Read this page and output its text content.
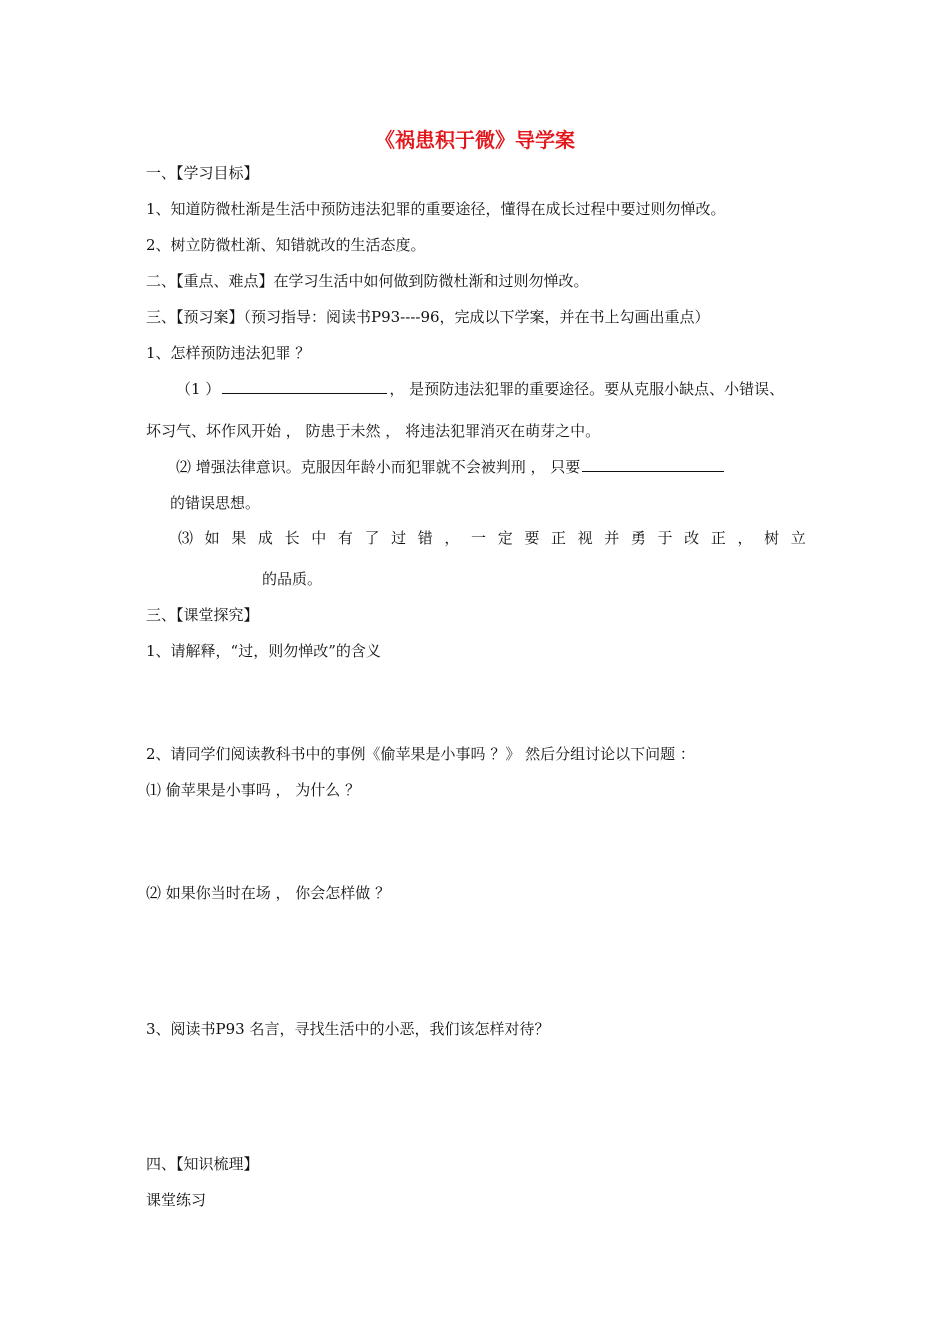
《祸患积于微》导学案
一、【学习目标】
1、知道防微杜渐是生活中预防违法犯罪的重要途径，懂得在成长过程中要过则勿惮改。
2、树立防微杜渐、知错就改的生活态度。
二、【重点、难点】在学习生活中如何做到防微杜渐和过则勿惮改。
三、【预习案】（预习指导：阅读书P93----96，完成以下学案，并在书上勾画出重点）
1、怎样预防违法犯罪 ？
（1 ）	， 是预防违法犯罪的重要途径。要从克服小缺点、小错误、
坏习气、坏作风开始 ， 防患于未然 ， 将违法犯罪消灭在萌芽之中。
⑵ 增强法律意识。克服因年龄小而犯罪就不会被判刑 ， 只要
的错误思想。
⑶ 如 果 成 长 中 有 了 过 错 ， 一 定 要 正 视 并 勇 于 改 正 ， 树 立
的品质。
三、【课堂探究】
1、请解释，“过，则勿惮改”的含义
2、请同学们阅读教科书中的事例《偷苹果是小事吗 ？》 然后分组讨论以下问题 ：
⑴ 偷苹果是小事吗 ， 为什么 ？
⑵ 如果你当时在场 ， 你会怎样做 ？
3、阅读书P93 名言，寻找生活中的小恶，我们该怎样对待？
四、【知识梳理】
课堂练习
